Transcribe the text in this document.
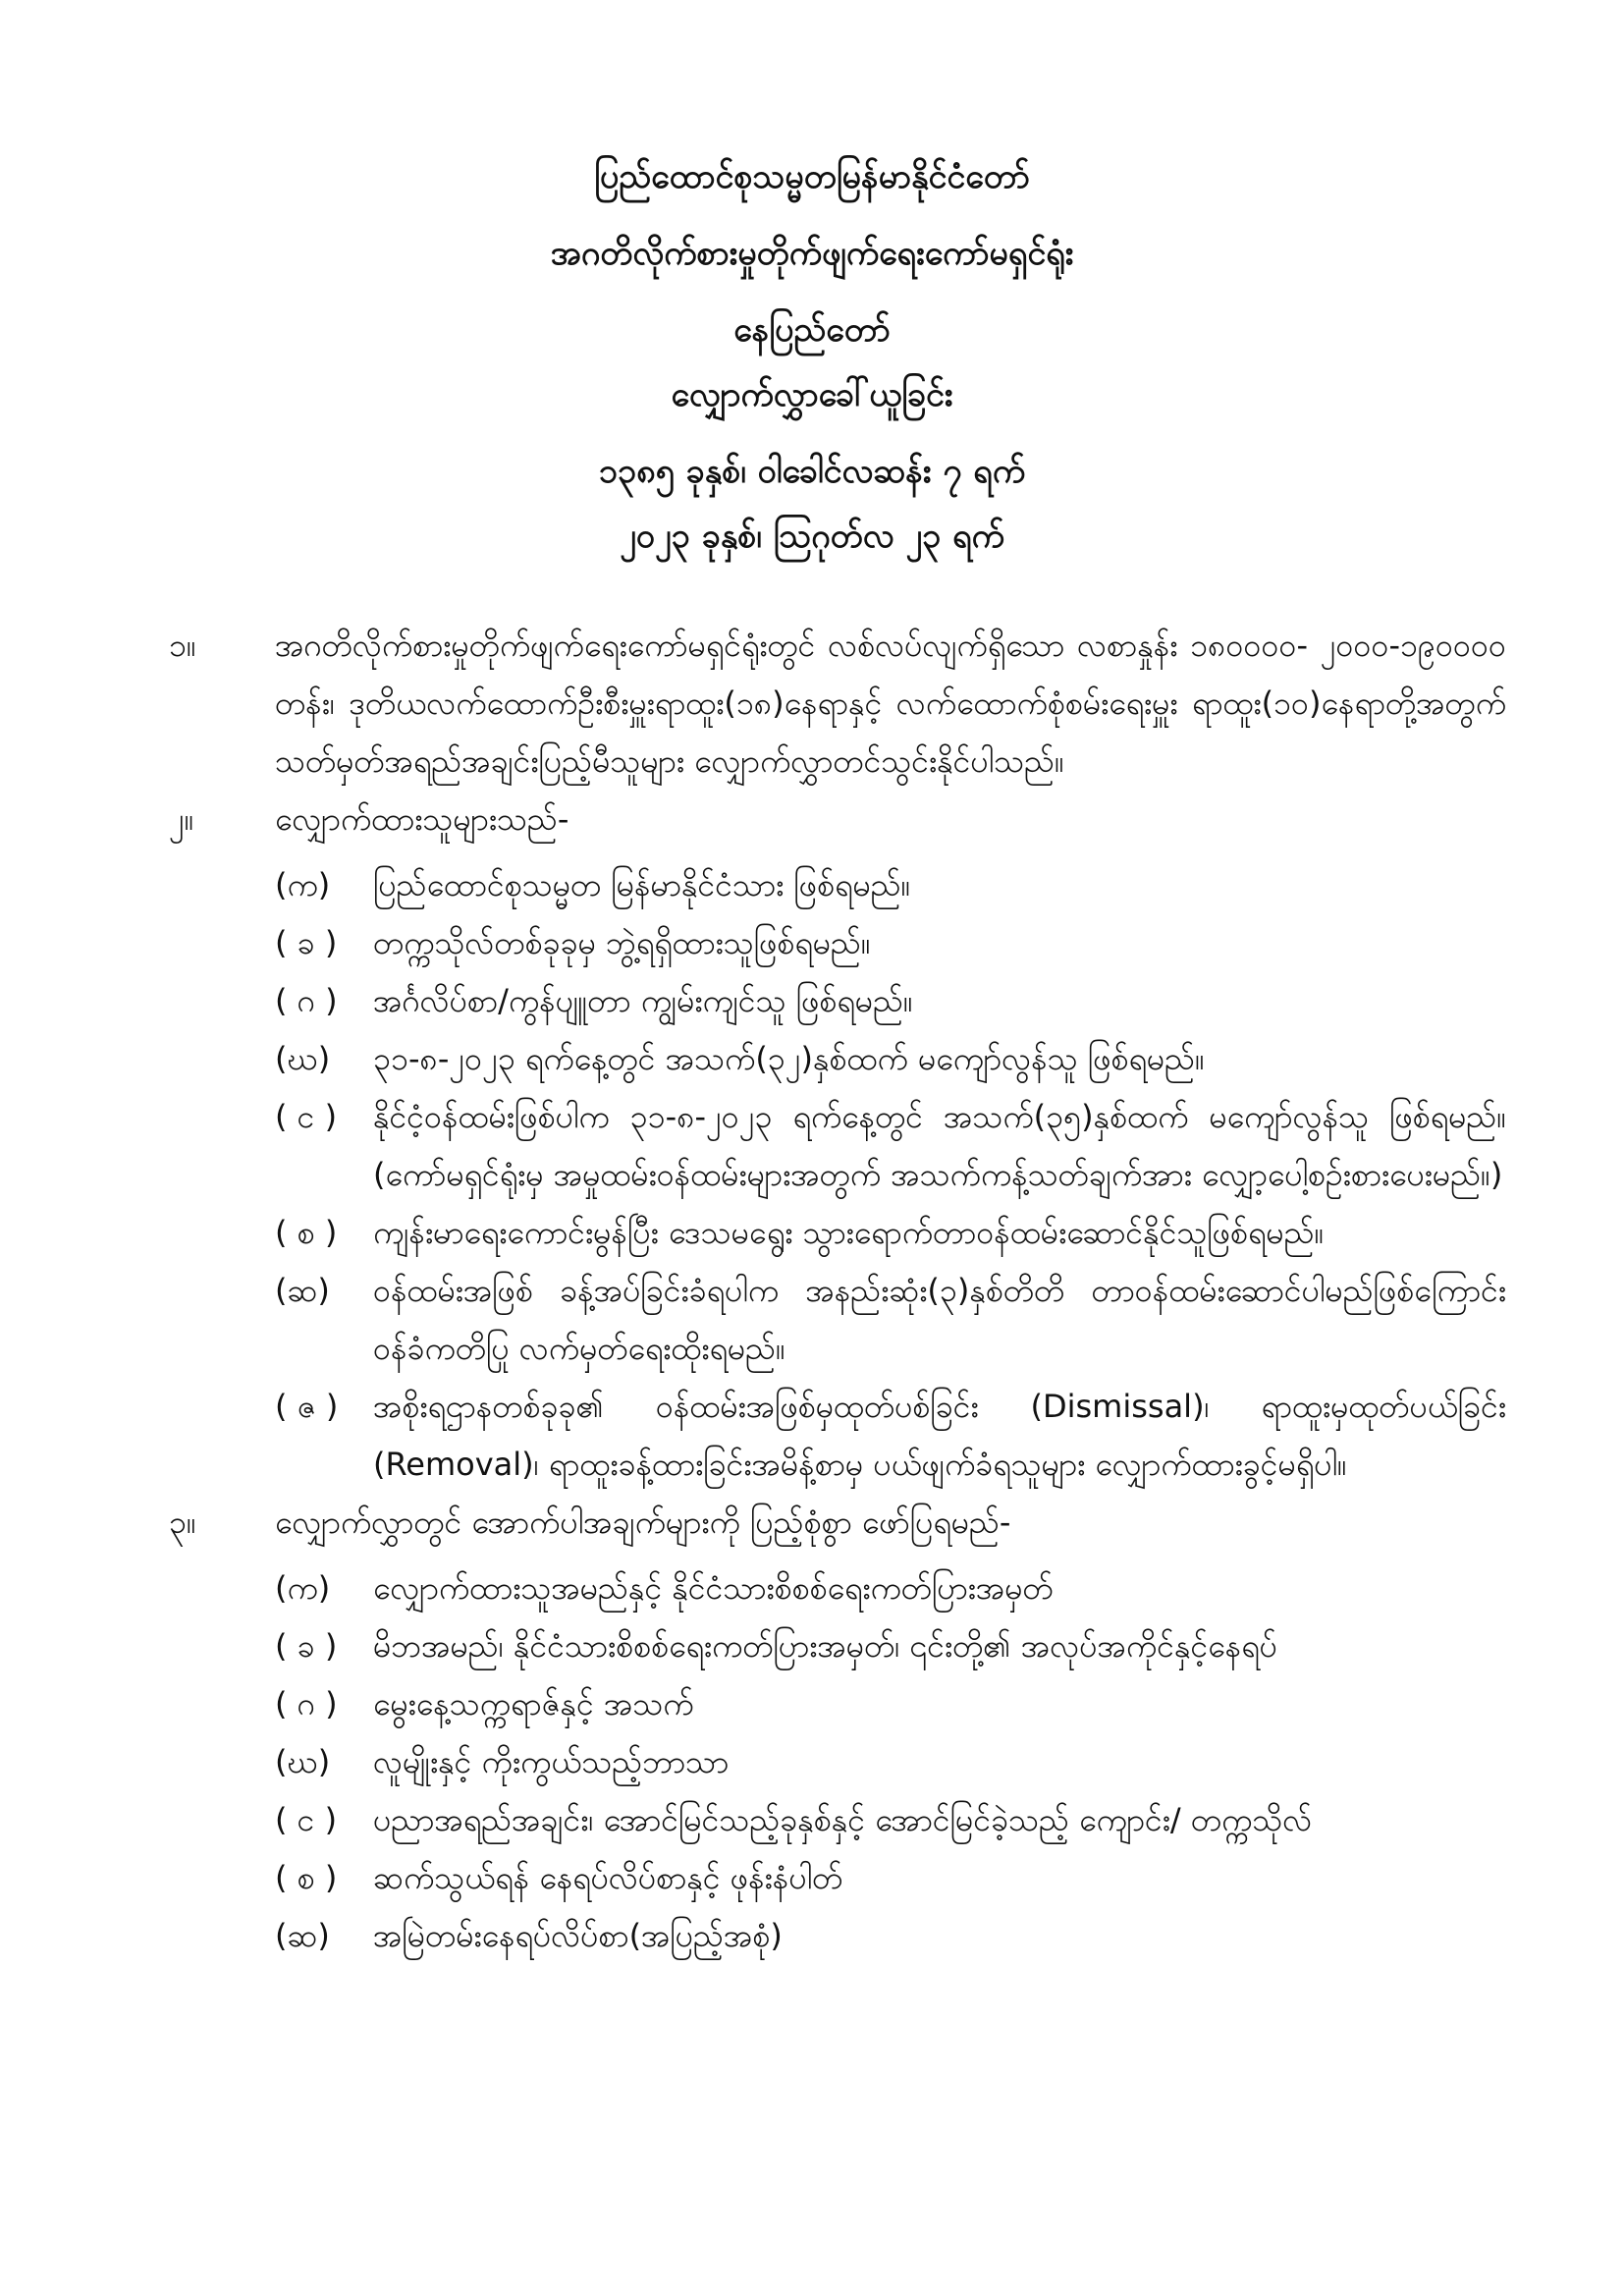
ပြည်ထောင်စုသမ္မတမြန်မာနိုင်ငံတော်
အဂတိလိုက်စားမှုတိုက်ဖျက်ရေးကော်မရှင်ရုံး
နေပြည်တော်
လျှောက်လွှာခေါ်ယူခြင်း
၁၃၈၅ ခုနှစ်၊ ဝါခေါင်လဆန်း ၇ ရက်
၂၀၂၃ ခုနှစ်၊ ဩဂုတ်လ ၂၃ ရက်
၁။	အဂတိလိုက်စားမှုတိုက်ဖျက်ရေးကော်မရှင်ရုံးတွင် လစ်လပ်လျက်ရှိသော လစာနှုန်း ၁၈၀၀၀၀- ၂၀၀၀-၁၉၀၀၀၀ တန်း၊ ဒုတိယလက်ထောက်ဦးစီးမှူးရာထူး(၁၈)နေရာနှင့် လက်ထောက်စုံစမ်းရေးမှူး ရာထူး(၁၀)နေရာတို့အတွက် သတ်မှတ်အရည်အချင်းပြည့်မီသူများ လျှောက်လွှာတင်သွင်းနိုင်ပါသည်။
၂။	လျှောက်ထားသူများသည်-
(က)	ပြည်ထောင်စုသမ္မတ မြန်မာနိုင်ငံသား ဖြစ်ရမည်။
( ခ )	တက္ကသိုလ်တစ်ခုခုမှ ဘွဲ့ရရှိထားသူဖြစ်ရမည်။
( ဂ )	အင်္ဂလိပ်စာ/ကွန်ပျူတာ ကျွမ်းကျင်သူ ဖြစ်ရမည်။
(ဃ)	၃၁-၈-၂၀၂၃ ရက်နေ့တွင် အသက်(၃၂)နှစ်ထက် မကျော်လွန်သူ ဖြစ်ရမည်။
( င )	နိုင်ငံ့ဝန်ထမ်းဖြစ်ပါက ၃၁-၈-၂၀၂၃ ရက်နေ့တွင် အသက်(၃၅)နှစ်ထက် မကျော်လွန်သူ ဖြစ်ရမည်။ (ကော်မရှင်ရုံးမှ အမှုထမ်းဝန်ထမ်းများအတွက် အသက်ကန့်သတ်ချက်အား လျှော့ပေါ့စဉ်းစားပေးမည်။)
( စ )	ကျန်းမာရေးကောင်းမွန်ပြီး ဒေသမရွေး သွားရောက်တာဝန်ထမ်းဆောင်နိုင်သူဖြစ်ရမည်။
(ဆ)	ဝန်ထမ်းအဖြစ် ခန့်အပ်ခြင်းခံရပါက အနည်းဆုံး(၃)နှစ်တိတိ တာဝန်ထမ်းဆောင်ပါမည်ဖြစ်ကြောင်း ဝန်ခံကတိပြု လက်မှတ်ရေးထိုးရမည်။
( ဇ )	အစိုးရဌာနတစ်ခုခု၏ ဝန်ထမ်းအဖြစ်မှထုတ်ပစ်ခြင်း (Dismissal)၊ ရာထူးမှထုတ်ပယ်ခြင်း (Removal)၊ ရာထူးခန့်ထားခြင်းအမိန့်စာမှ ပယ်ဖျက်ခံရသူများ လျှောက်ထားခွင့်မရှိပါ။
၃။	လျှောက်လွှာတွင် အောက်ပါအချက်များကို ပြည့်စုံစွာ ဖော်ပြရမည်-
(က)	လျှောက်ထားသူအမည်နှင့် နိုင်ငံသားစိစစ်ရေးကတ်ပြားအမှတ်
( ခ )	မိဘအမည်၊ နိုင်ငံသားစိစစ်ရေးကတ်ပြားအမှတ်၊ ၎င်းတို့၏ အလုပ်အကိုင်နှင့်နေရပ်
( ဂ )	မွေးနေ့သက္ကရာဇ်နှင့် အသက်
(ဃ)	လူမျိုးနှင့် ကိုးကွယ်သည့်ဘာသာ
( င )	ပညာအရည်အချင်း၊ အောင်မြင်သည့်ခုနှစ်နှင့် အောင်မြင်ခဲ့သည့် ကျောင်း/ တက္ကသိုလ်
( စ )	ဆက်သွယ်ရန် နေရပ်လိပ်စာနှင့် ဖုန်းနံပါတ်
(ဆ)	အမြဲတမ်းနေရပ်လိပ်စာ(အပြည့်အစုံ)
